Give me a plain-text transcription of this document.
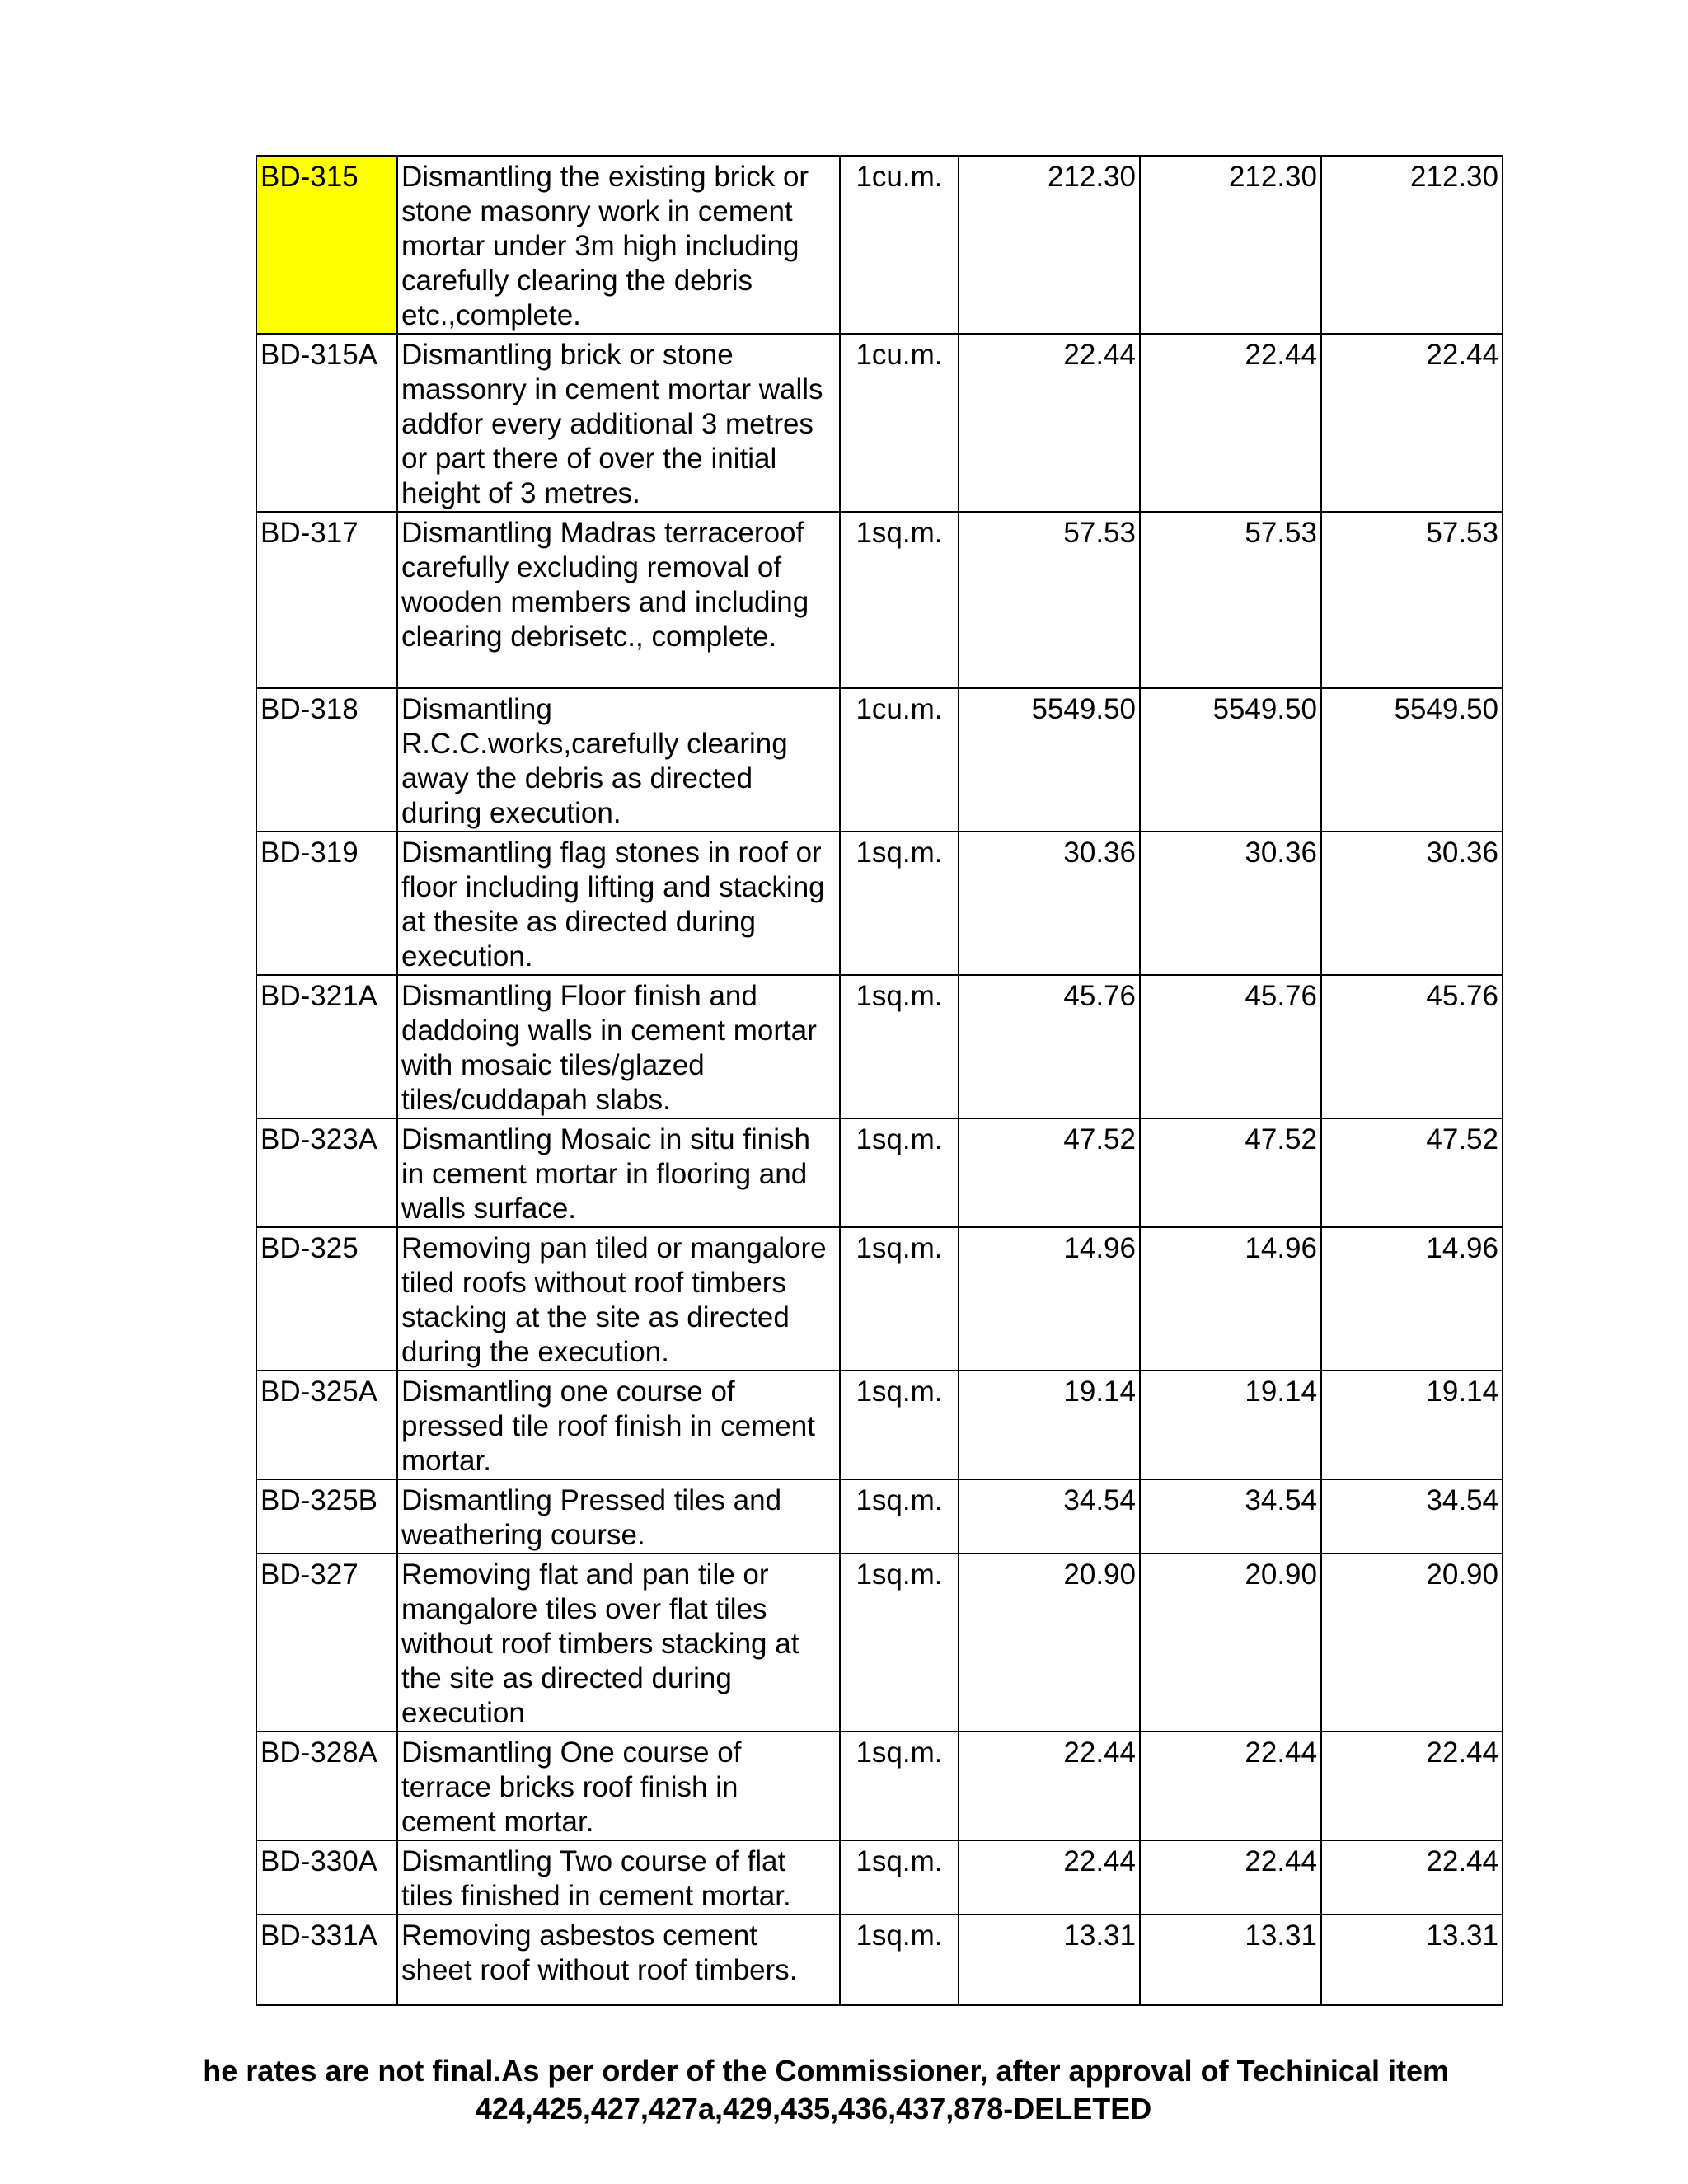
BD-315	Dismantling the existing brick or stone masonry work in cement mortar under 3m high including carefully clearing the debris etc.,complete.	1cu.m.	212.30	212.30	212.30
BD-315A	Dismantling brick or stone massonry in cement mortar walls addfor every additional 3 metres or part there of over the initial height of 3 metres.	1cu.m.	22.44	22.44	22.44
BD-317	Dismantling Madras terraceroof carefully excluding removal of wooden members and including clearing debrisetc., complete.	1sq.m.	57.53	57.53	57.53
BD-318	Dismantling R.C.C.works,carefully clearing away the debris as directed during execution.	1cu.m.	5549.50	5549.50	5549.50
BD-319	Dismantling flag stones in roof or floor including lifting and stacking at thesite as directed during execution.	1sq.m.	30.36	30.36	30.36
BD-321A	Dismantling Floor finish and daddoing walls in cement mortar with mosaic tiles/glazed tiles/cuddapah slabs.	1sq.m.	45.76	45.76	45.76
BD-323A	Dismantling Mosaic in situ finish in cement mortar in flooring and walls surface.	1sq.m.	47.52	47.52	47.52
BD-325	Removing pan tiled or mangalore tiled roofs without roof timbers stacking at the site as directed during the execution.	1sq.m.	14.96	14.96	14.96
BD-325A	Dismantling one course of pressed tile roof finish in cement mortar.	1sq.m.	19.14	19.14	19.14
BD-325B	Dismantling Pressed tiles and weathering course.	1sq.m.	34.54	34.54	34.54
BD-327	Removing flat and pan tile or mangalore tiles over flat tiles without roof timbers stacking at the site as directed during execution	1sq.m.	20.90	20.90	20.90
BD-328A	Dismantling One course of terrace bricks roof finish in cement mortar.	1sq.m.	22.44	22.44	22.44
BD-330A	Dismantling Two course of flat tiles finished in cement mortar.	1sq.m.	22.44	22.44	22.44
BD-331A	Removing asbestos cement sheet roof without roof timbers.	1sq.m.	13.31	13.31	13.31
he rates are not final.As per order of the Commissioner, after approval of Techinical item
424,425,427,427a,429,435,436,437,878-DELETED
